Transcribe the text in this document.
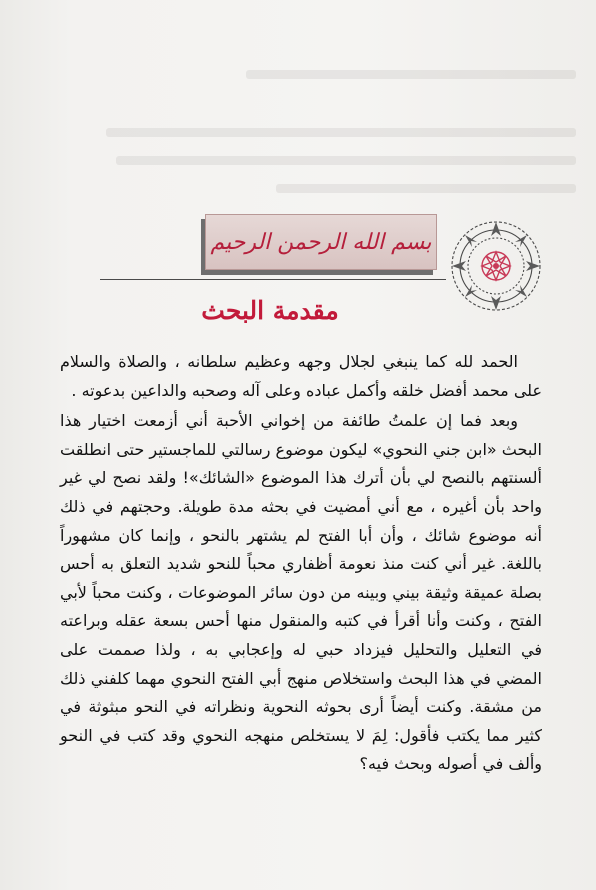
بسم الله الرحمن الرحيم
مقدمة البحث

الحمد لله كما ينبغي لجلال وجهه وعظيم سلطانه ، والصلاة والسلام على محمد أفضل خلقه وأكمل عباده وعلى آله وصحبه والداعين بدعوته .

وبعد فما إن علمتُ طائفة من إخواني الأحبة أني أزمعت اختيار هذا البحث «ابن جني النحوي» ليكون موضوع رسالتي للماجستير حتى انطلقت ألسنتهم بالنصح لي بأن أترك هذا الموضوع «الشائك»! ولقد نصح لي غير واحد بأن أغيره ، مع أني أمضيت في بحثه مدة طويلة. وحجتهم في ذلك أنه موضوع شائك ، وأن أبا الفتح لم يشتهر بالنحو ، وإنما كان مشهوراً باللغة. غير أني كنت منذ نعومة أظفاري محباً للنحو شديد التعلق به أحس بصلة عميقة وثيقة بيني وبينه من دون سائر الموضوعات ، وكنت محباً لأبي الفتح ، وكنت وأنا أقرأ في كتبه والمنقول منها أحس بسعة عقله وبراعته في التعليل والتحليل فيزداد حبي له وإعجابي به ، ولذا صممت على المضي في هذا البحث واستخلاص منهج أبي الفتح النحوي مهما كلفني ذلك من مشقة. وكنت أيضاً أرى بحوثه النحوية ونظراته في النحو مبثوثة في كثير مما يكتب فأقول: لِمَ لا يستخلص منهجه النحوي وقد كتب في النحو وألف في أصوله وبحث فيه؟
